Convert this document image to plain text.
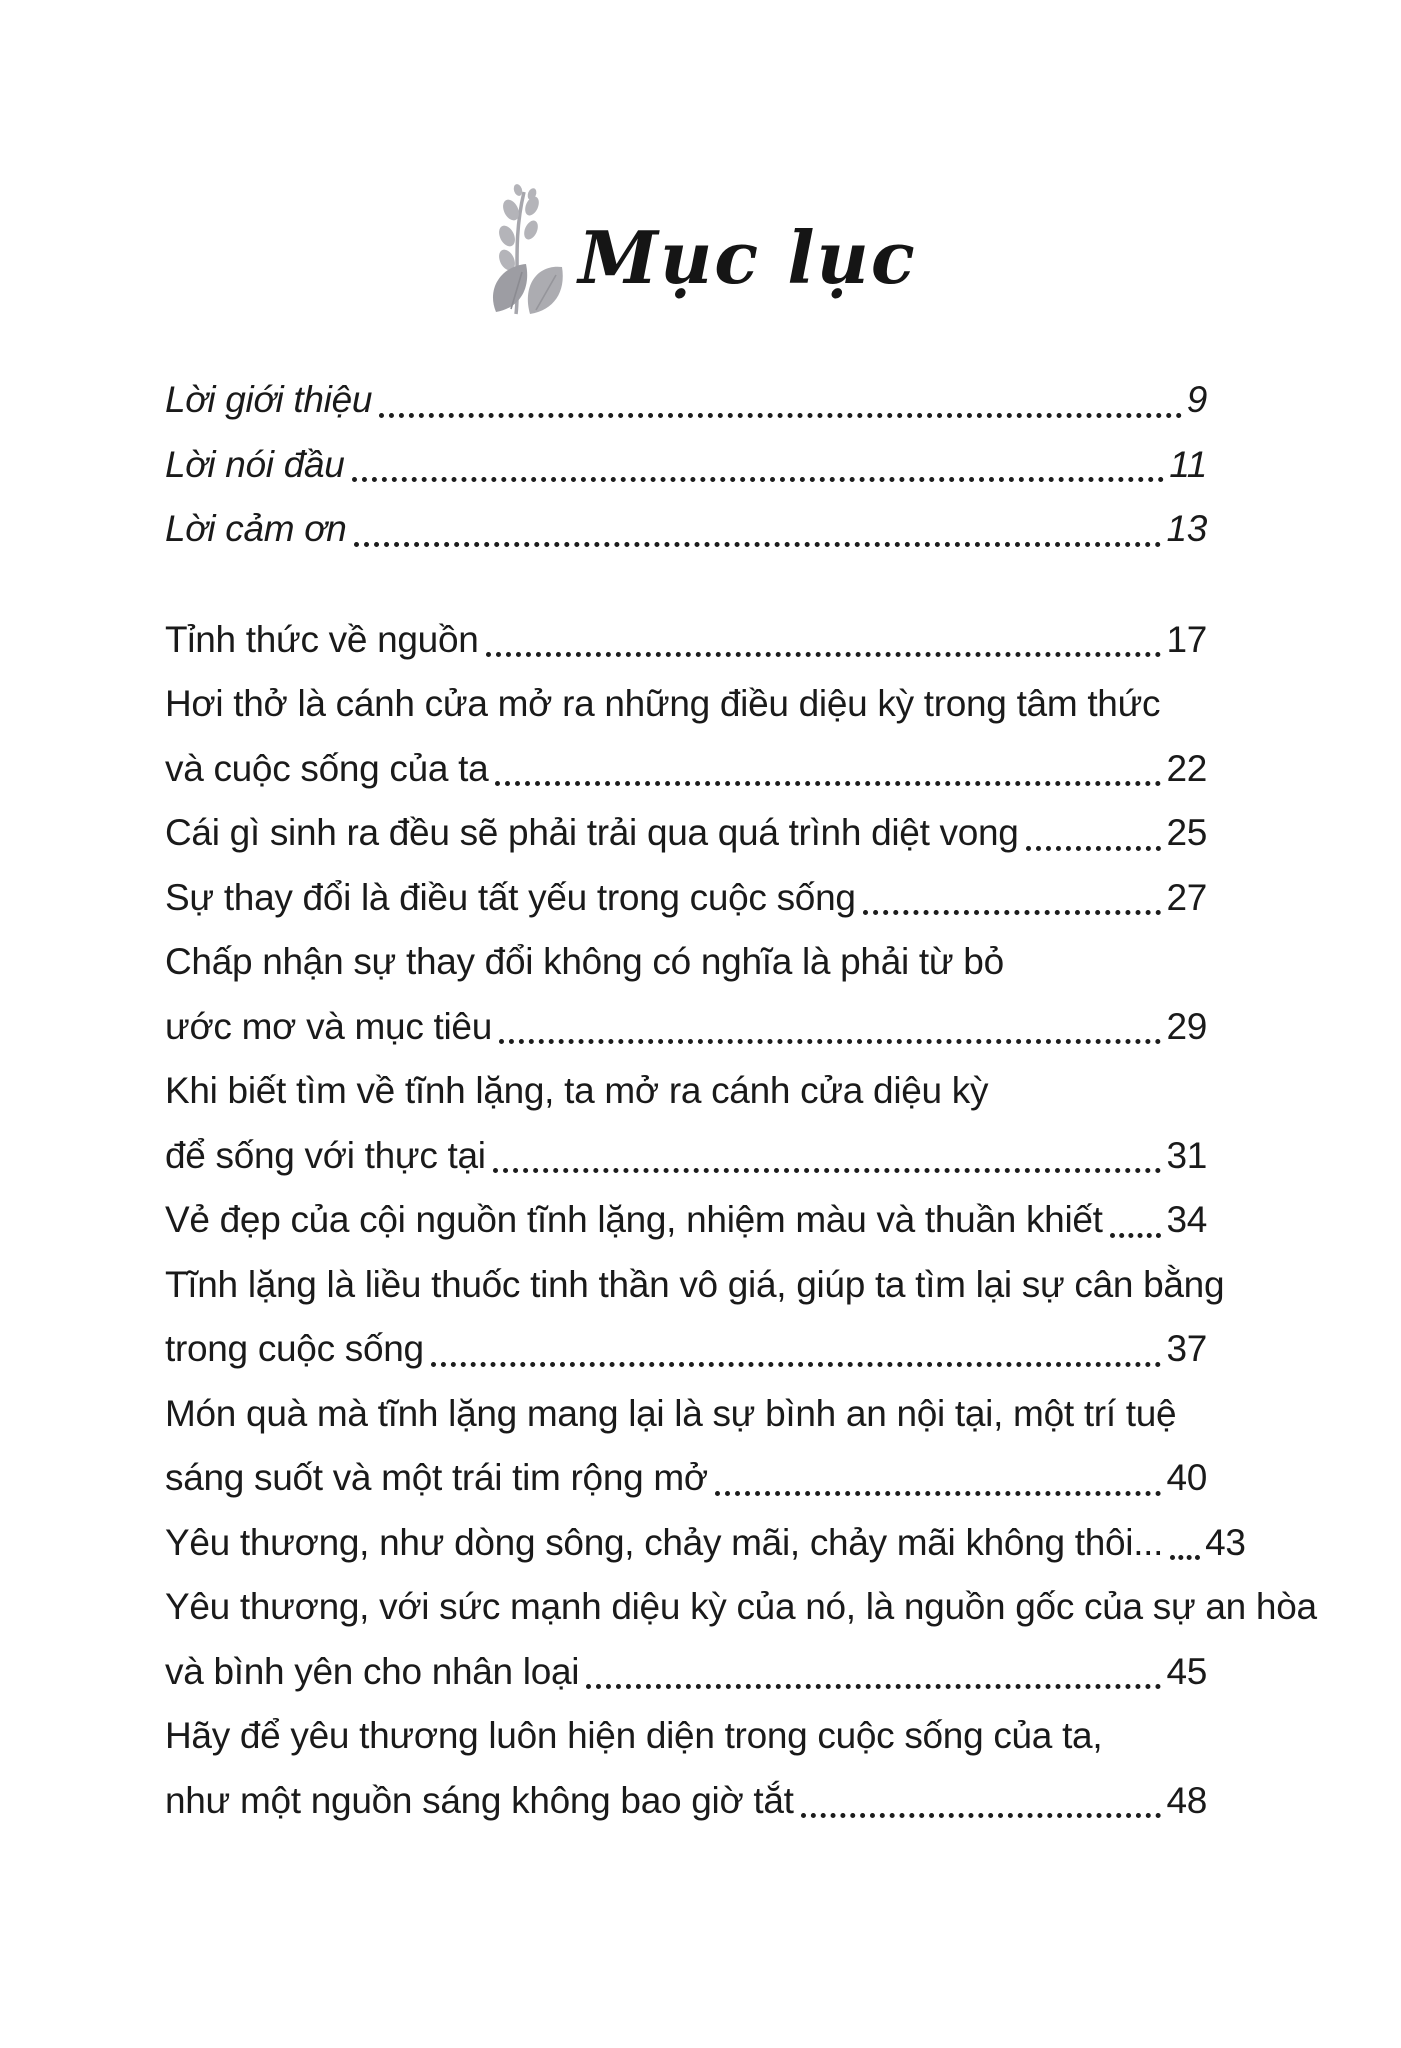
Mục lục
Lời giới thiệu	9
Lời nói đầu	11
Lời cảm ơn	13
Tỉnh thức về nguồn	17
Hơi thở là cánh cửa mở ra những điều diệu kỳ trong tâm thức
và cuộc sống của ta	22
Cái gì sinh ra đều sẽ phải trải qua quá trình diệt vong	25
Sự thay đổi là điều tất yếu trong cuộc sống	27
Chấp nhận sự thay đổi không có nghĩa là phải từ bỏ
ước mơ và mục tiêu	29
Khi biết tìm về tĩnh lặng, ta mở ra cánh cửa diệu kỳ
để sống với thực tại	31
Vẻ đẹp của cội nguồn tĩnh lặng, nhiệm màu và thuần khiết 34
Tĩnh lặng là liều thuốc tinh thần vô giá, giúp ta tìm lại sự cân bằng
trong cuộc sống	37
Món quà mà tĩnh lặng mang lại là sự bình an nội tại, một trí tuệ
sáng suốt và một trái tim rộng mở	40
Yêu thương, như dòng sông, chảy mãi, chảy mãi không thôi... 43
Yêu thương, với sức mạnh diệu kỳ của nó, là nguồn gốc của sự an hòa
và bình yên cho nhân loại	45
Hãy để yêu thương luôn hiện diện trong cuộc sống của ta,
như một nguồn sáng không bao giờ tắt	48
